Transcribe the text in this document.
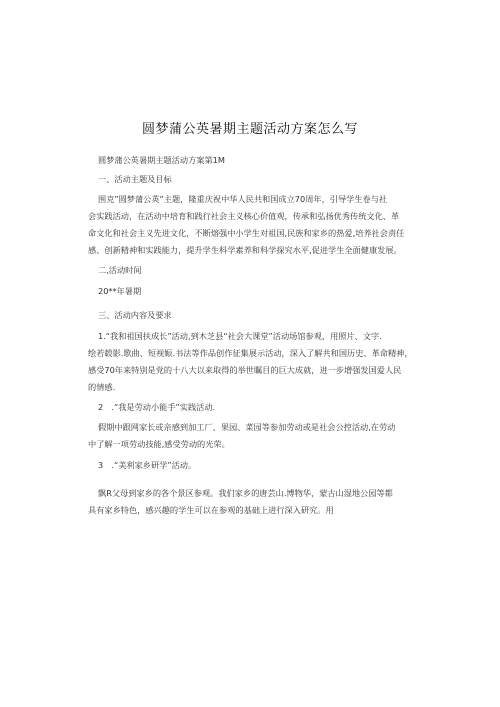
圆梦蒲公英暑期主题活动方案怎么写
圆梦蒲公英暑期主题活动方案第1M
一、活动主题及目标
围克”圆梦蒲公英”主题，隆重庆祝中华人民共和国成立70周年，引导学生卷与社
会实践活动，在活动中培育和践行社会主义核心价值观，传承和弘扬优秀传统文化、革
命文化和社会主义先进文化，不断熔强中小学生对祖国,民族和家乡的热爱,培养社会责任
感、创新精神和实践能力，提升学生科学素养和科学探究水平,促进学生全面健康发展。
二,活动时间
20**年暑期
三、活动内容及要求
1.“我和祖国扶成长”活动,到木芝县“社会大课堂”活动场馆参观，用照片、文字.
绘若毂影.歌曲、短视娠.书法等作品创作征集展示活动，深入了解共和国历史、革命精神，
感受70年来特别是党的十八大以来取得的举世瞩目的巨大成就，进一步增强发国爱人民
的情感.
2　.“我是劳动小能手”实践活动.
假期中跟网家长或亲感到加工厂、果园、菜园等参加劳动或是社会公控活动,在劳动
中了解一项劳动技能,感受劳动的光荣。
3　.“美利家乡研学”活动。
飘R父母到家乡的各个景区参观。我们家乡的唐芸山.博物华，蒙古山湿地公园等都
具有家乡特色，感兴趣的学生可以在参观的基础上进行深入研究。用
